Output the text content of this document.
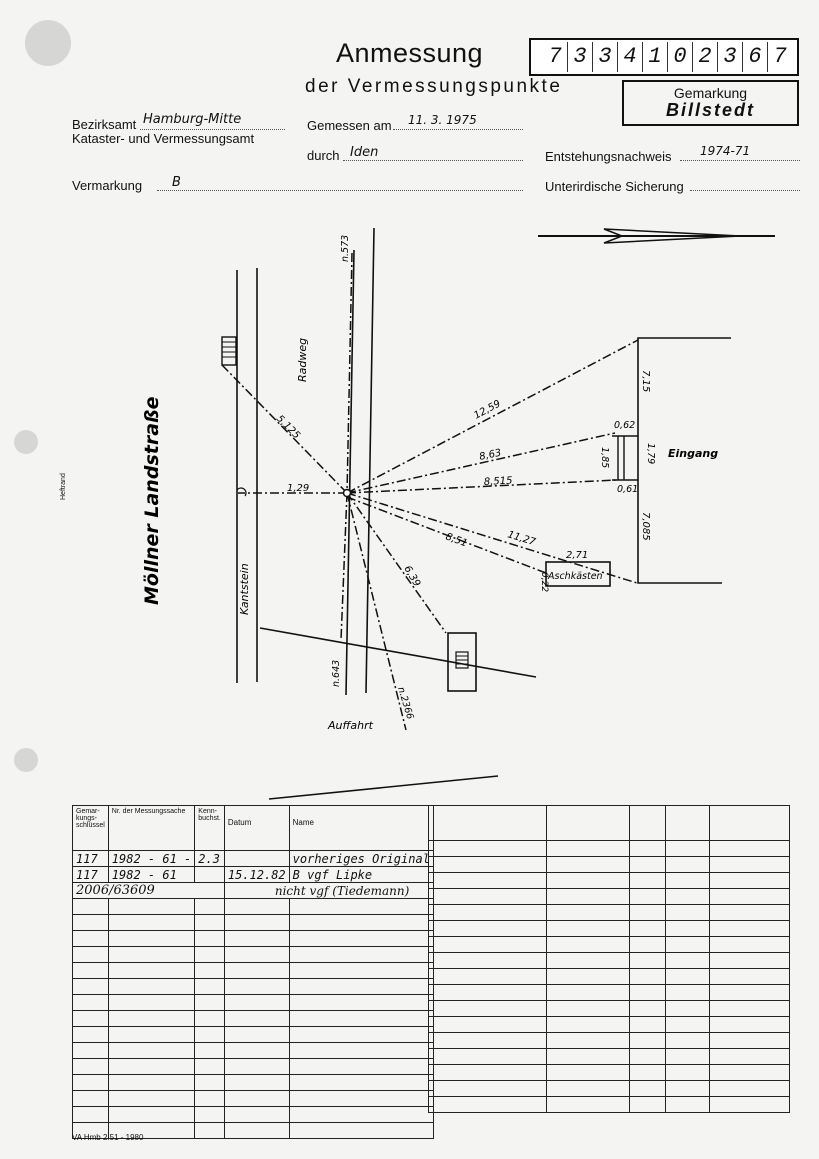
Anmessung
der Vermessungspunkte
7 3 3 4 1 0 2 3 6 7
Gemarkung
Billstedt
Bezirksamt Hamburg-Mitte
Kataster- und Vermessungsamt
Gemessen am 11. 3. 1975
durch Iden	Entstehungsnachweis 1974-71
Vermarkung B	Unterirdische Sicherung
Heftrand	Möllner Landstraße
Radweg
Kantstein
Auffahrt
Eingang
Aschkästen
n.573
n.643
n.2366
5,125
1,29
12,59
8,63
8,515
11,27
8,51
6,39
2,71
0,22
7,15
0,62
1,85	1,79
0,61
7,085
Gemar-kungs-schlüssel	Nr. der Messungssache	Kenn-buchst.	Datum	Name
117	1982 - 61 -	2.3		vorheriges Original
117	1982 - 61		15.12.82	B vgf Lipke
2006/63609			nicht vgf (Tiedemann)	

VA Hmb 2.51 - 1980
